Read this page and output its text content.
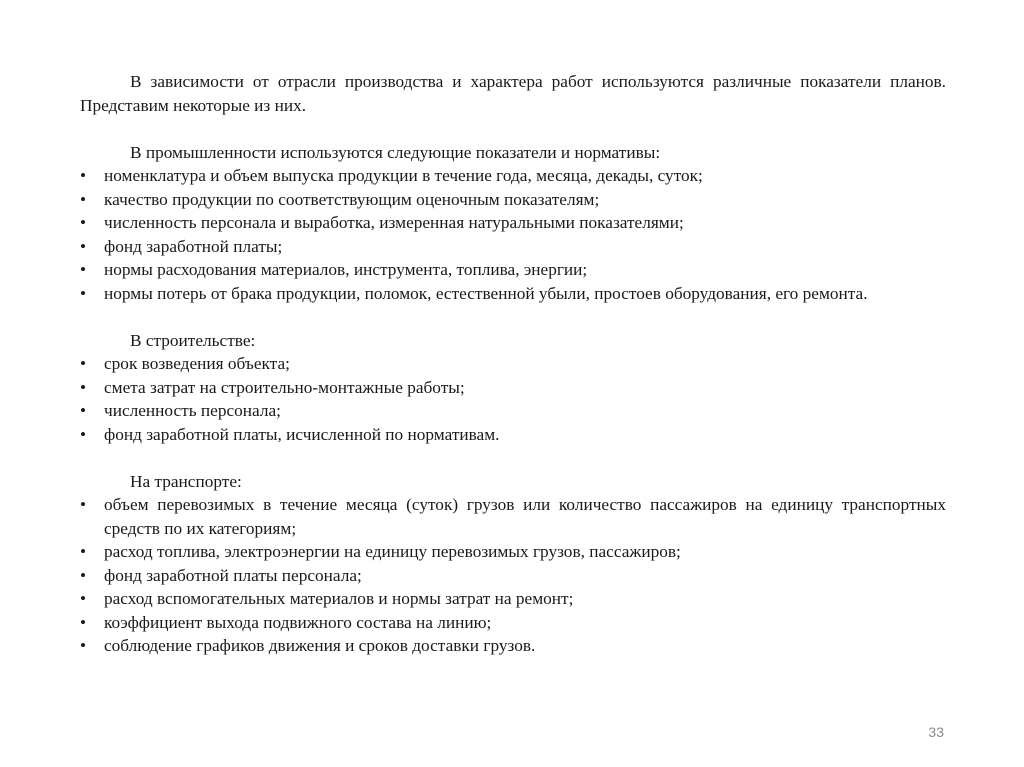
В зависимости от отрасли производства и характера работ используются различные показатели планов. Представим некоторые из них.

В промышленности используются следующие показатели и нормативы:

• номенклатура и объем выпуска продукции в течение года, месяца, декады, суток;
• качество продукции по соответствующим оценочным показателям;
• численность персонала и выработка, измеренная натуральными показателями;
• фонд заработной платы;
• нормы расходования материалов, инструмента, топлива, энергии;
• нормы потерь от брака продукции, поломок, естественной убыли, простоев оборудования, его ремонта.

В строительстве:

• срок возведения объекта;
• смета затрат на строительно-монтажные работы;
• численность персонала;
• фонд заработной платы, исчисленной по нормативам.

На транспорте:

• объем перевозимых в течение месяца (суток) грузов или количество пассажиров на единицу транспортных средств по их категориям;
• расход топлива, электроэнергии на единицу перевозимых грузов, пассажиров;
• фонд заработной платы персонала;
• расход вспомогательных материалов и нормы затрат на ремонт;
• коэффициент выхода подвижного состава на линию;
• соблюдение графиков движения и сроков доставки грузов.
33
